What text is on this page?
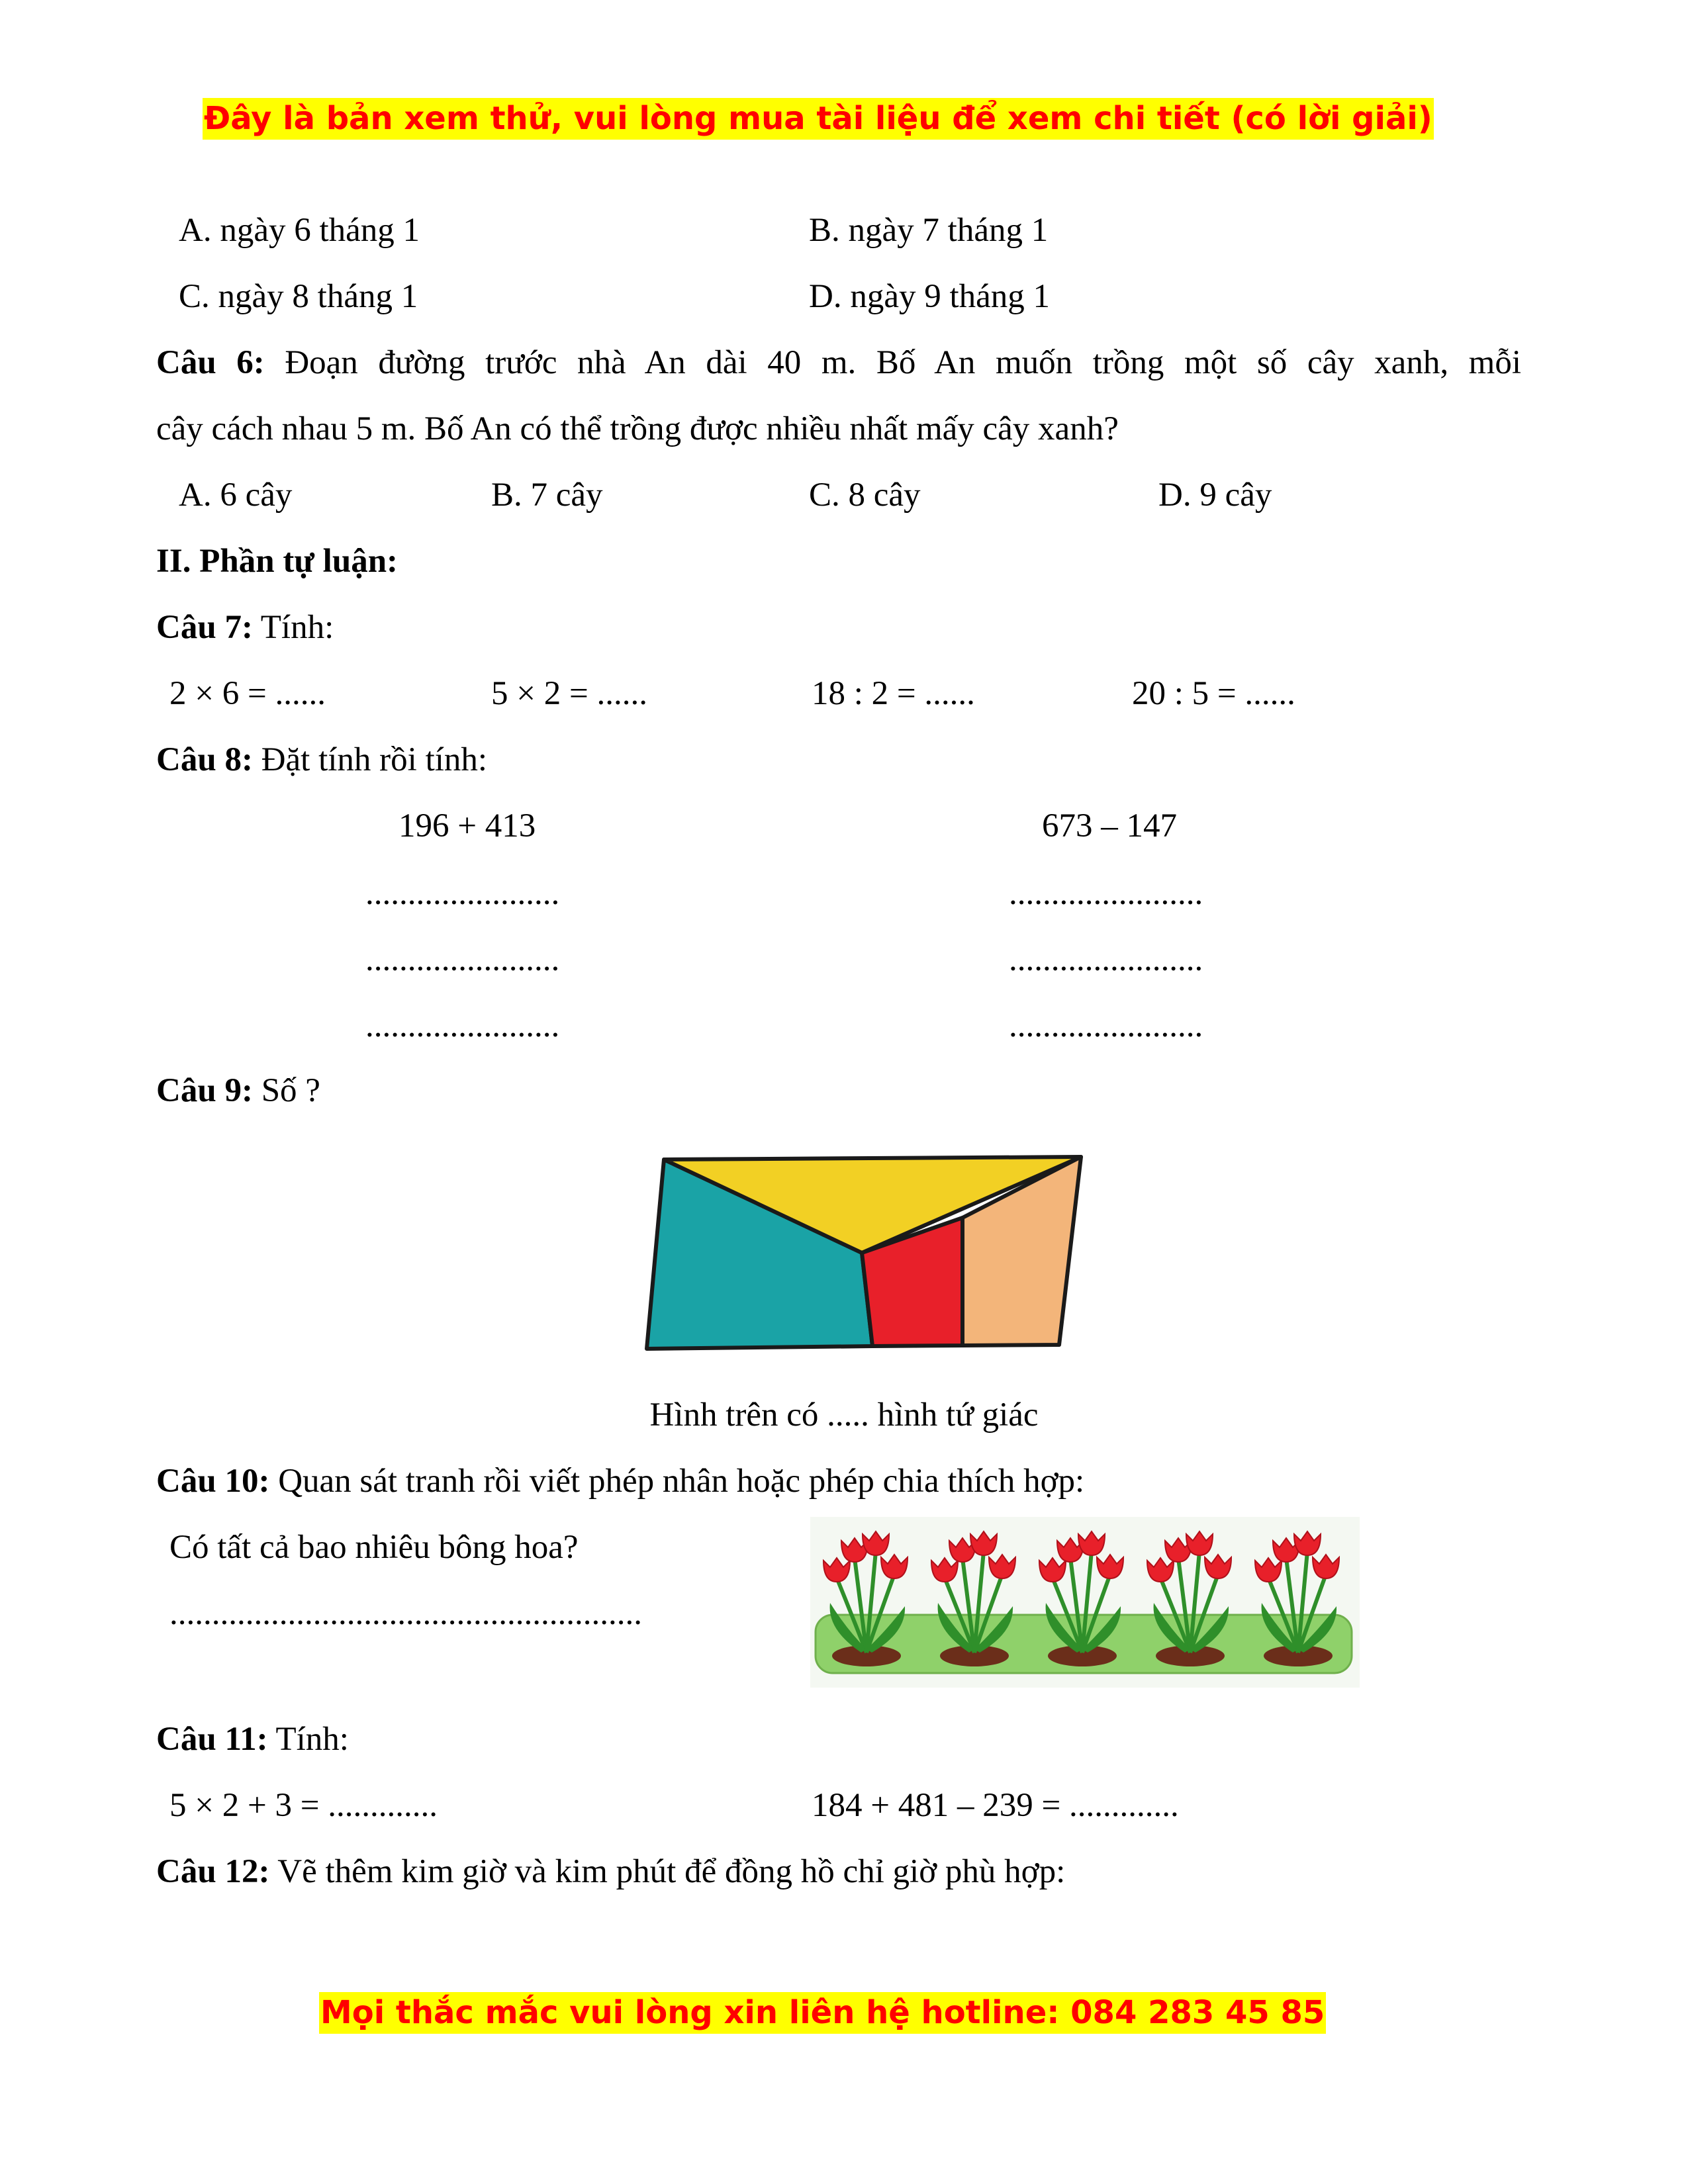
Đây là bản xem thử, vui lòng mua tài liệu để xem chi tiết (có lời giải)
A. ngày 6 tháng 1	B. ngày 7 tháng 1
C. ngày 8 tháng 1	D. ngày 9 tháng 1
Câu 6: Đoạn đường trước nhà An dài 40 m. Bố An muốn trồng một số cây xanh, mỗi
cây cách nhau 5 m. Bố An có thể trồng được nhiều nhất mấy cây xanh?
A. 6 cây	B. 7 cây	C. 8 cây	D. 9 cây
II. Phần tự luận:
Câu 7: Tính:
2 × 6 = ......	5 × 2 = ......	18 : 2 = ......	20 : 5 = ......
Câu 8: Đặt tính rồi tính:
196 + 413	673 – 147
.......................
.......................
.......................
.......................
.......................
.......................
Câu 9: Số ?
Hình trên có ..... hình tứ giác
Câu 10: Quan sát tranh rồi viết phép nhân hoặc phép chia thích hợp:
Có tất cả bao nhiêu bông hoa?
........................................................
Câu 11: Tính:
5 × 2 + 3 = .............	184 + 481 – 239 = .............
Câu 12: Vẽ thêm kim giờ và kim phút để đồng hồ chỉ giờ phù hợp:
Mọi thắc mắc vui lòng xin liên hệ hotline: 084 283 45 85
